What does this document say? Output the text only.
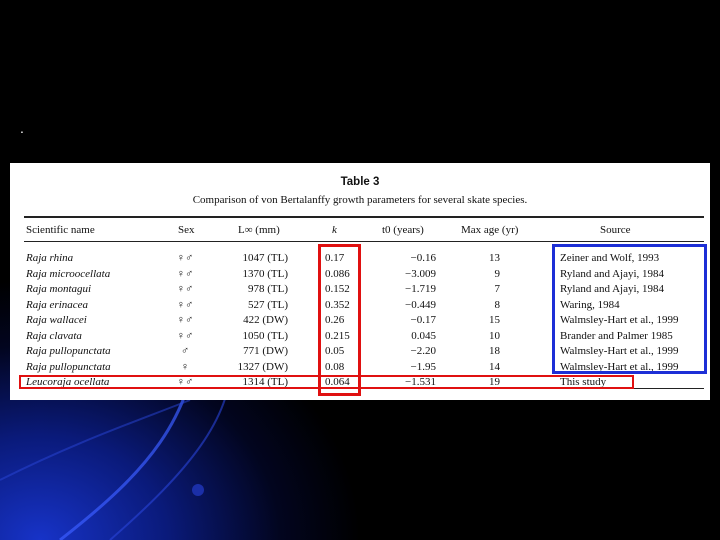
.
Table 3
Comparison of von Bertalanffy growth parameters for several skate species.
Scientific name	Sex	L∞ (mm)	k	t0 (years)	Max age (yr)	Source
Raja rhina	♀♂	1047 (TL)	0.17	−0.16	13	Zeiner and Wolf, 1993
Raja microocellata	♀♂	1370 (TL)	0.086	−3.009	9	Ryland and Ajayi, 1984
Raja montagui	♀♂	978 (TL)	0.152	−1.719	7	Ryland and Ajayi, 1984
Raja erinacea	♀♂	527 (TL)	0.352	−0.449	8	Waring, 1984
Raja wallacei	♀♂	422 (DW)	0.26	−0.17	15	Walmsley-Hart et al., 1999
Raja clavata	♀♂	1050 (TL)	0.215	0.045	10	Brander and Palmer 1985
Raja pullopunctata	♂	771 (DW)	0.05	−2.20	18	Walmsley-Hart et al., 1999
Raja pullopunctata	♀	1327 (DW)	0.08	−1.95	14	Walmsley-Hart et al., 1999
Leucoraja ocellata	♀♂	1314 (TL)	0.064	−1.531	19	This study
